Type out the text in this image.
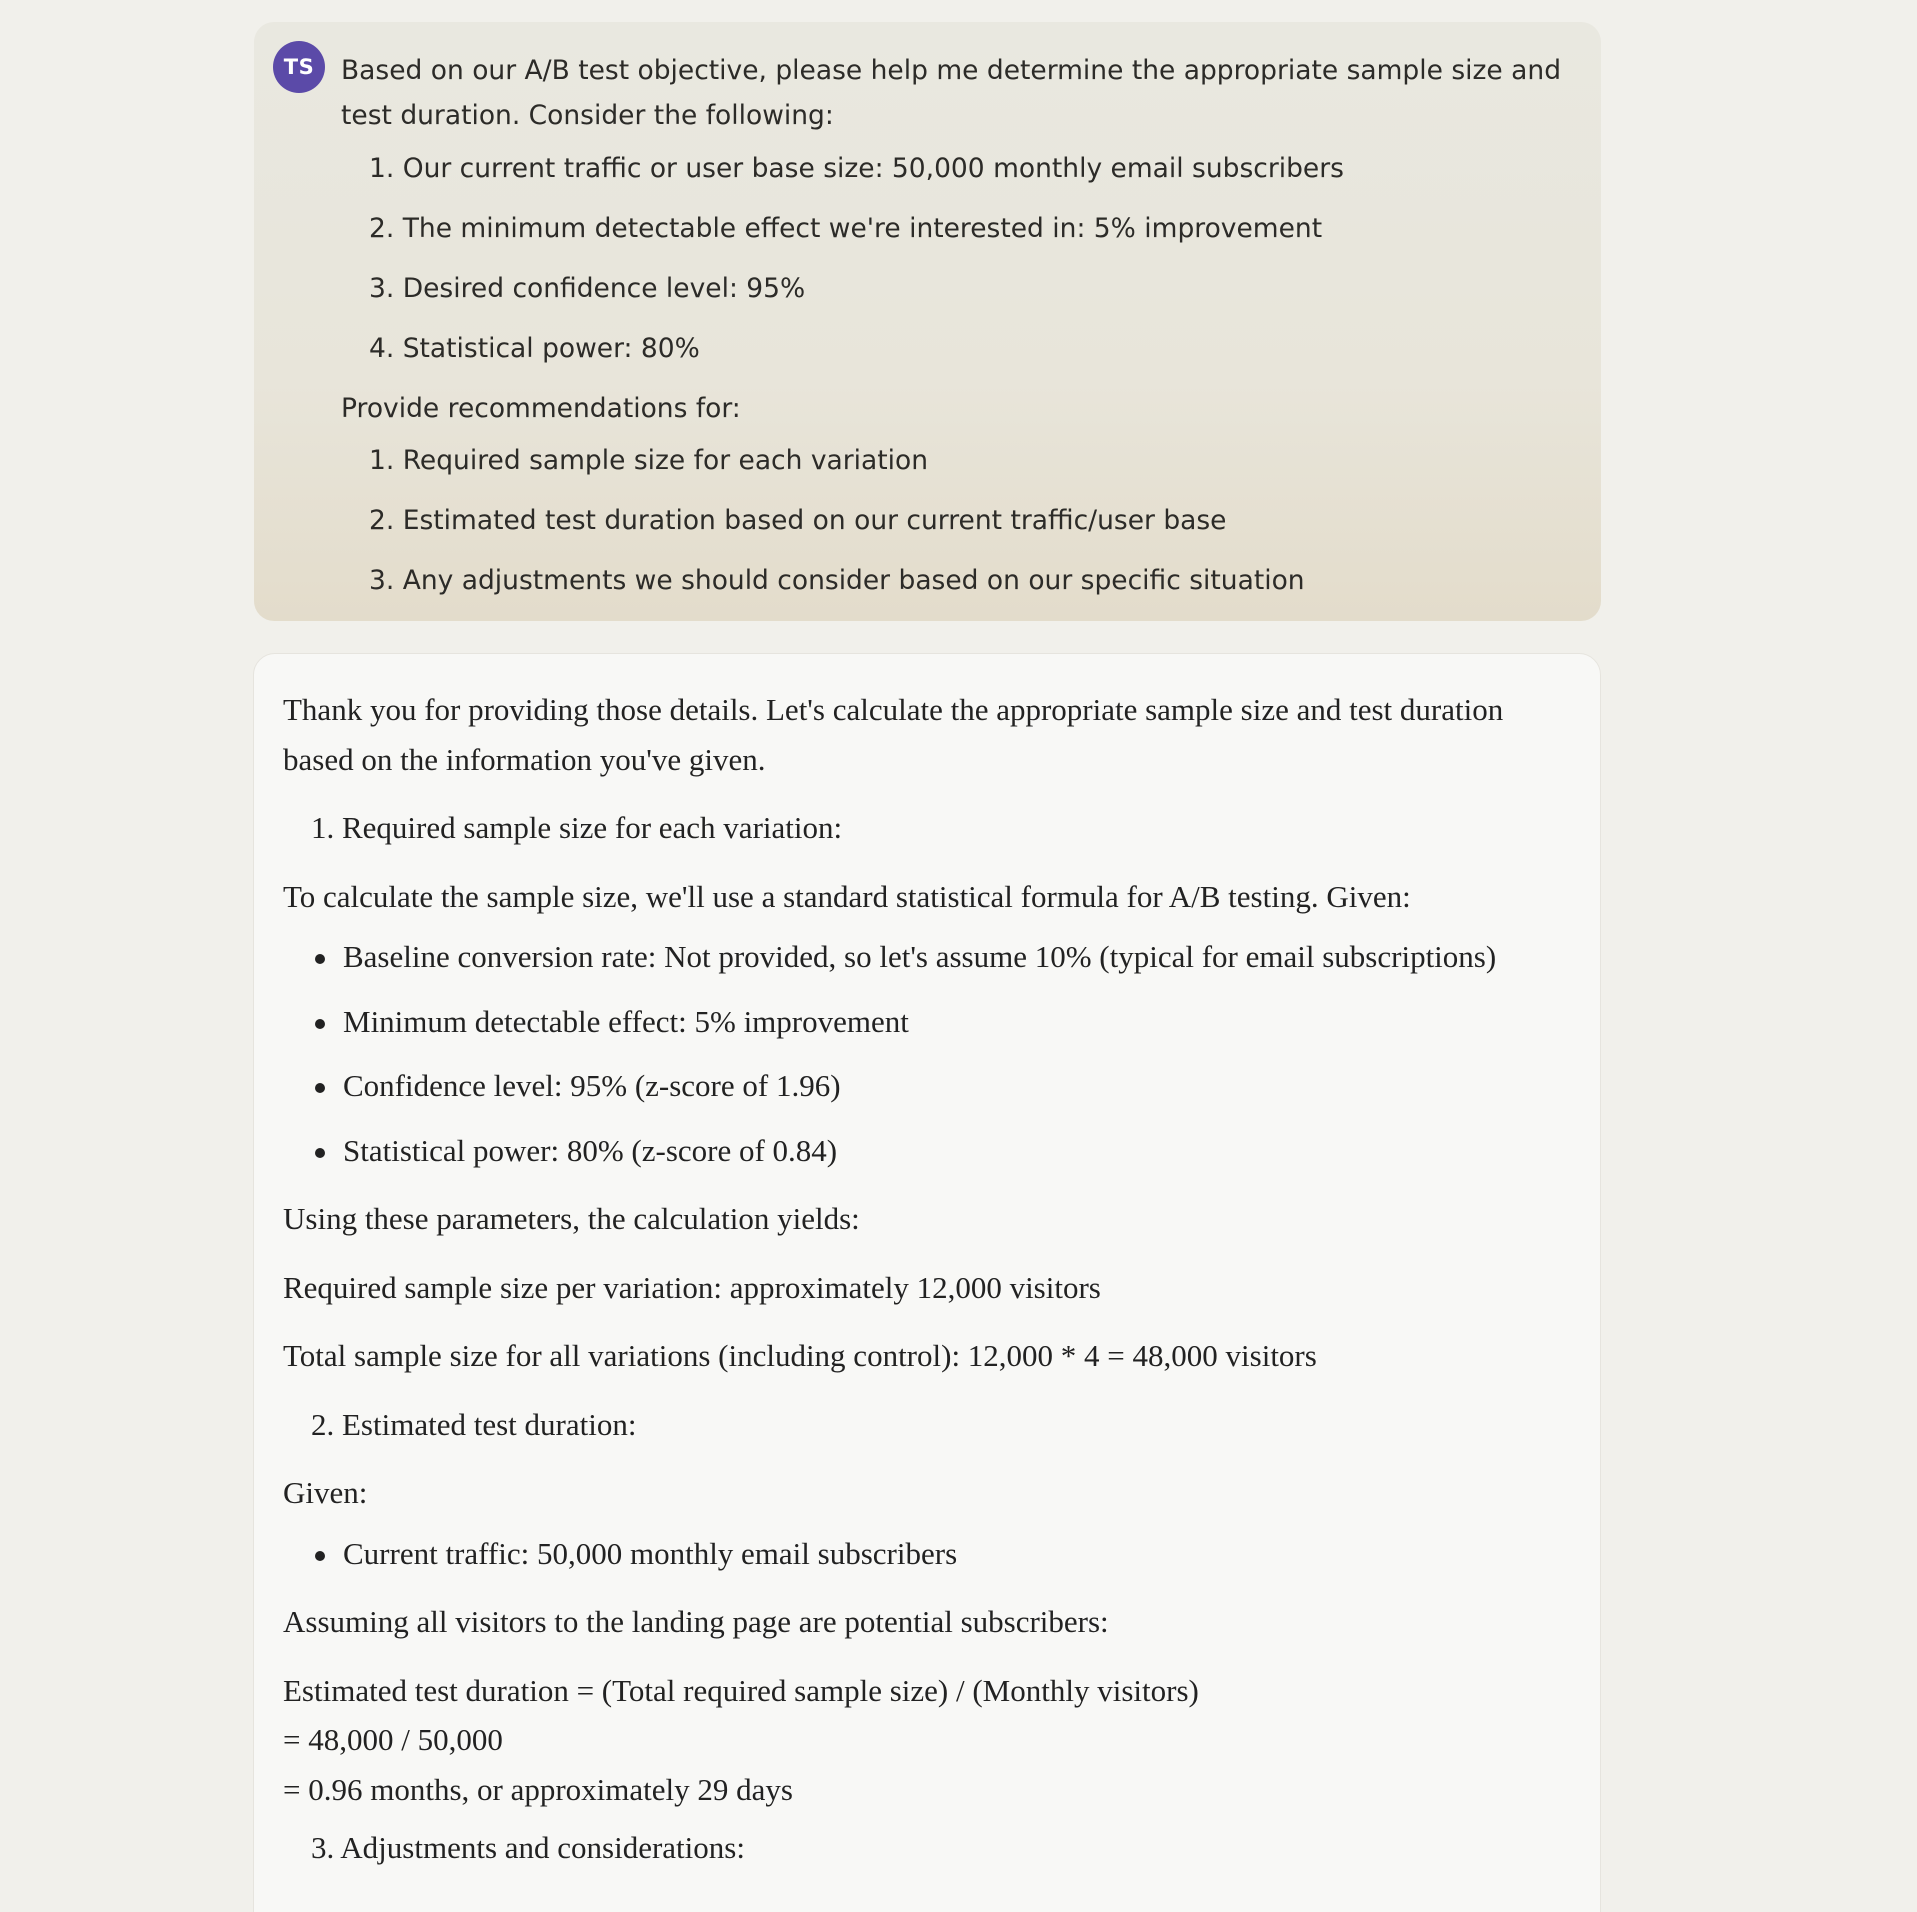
TS	Based on our A/B test objective, please help me determine the appropriate sample size and test duration. Consider the following:

1. Our current traffic or user base size: 50,000 monthly email subscribers
2. The minimum detectable effect we're interested in: 5% improvement
3. Desired confidence level: 95%
4. Statistical power: 80%

Provide recommendations for:

1. Required sample size for each variation
2. Estimated test duration based on our current traffic/user base
3. Any adjustments we should consider based on our specific situation

Thank you for providing those details. Let's calculate the appropriate sample size and test duration based on the information you've given.

1. Required sample size for each variation:

To calculate the sample size, we'll use a standard statistical formula for A/B testing. Given:

Baseline conversion rate: Not provided, so let's assume 10% (typical for email subscriptions)
Minimum detectable effect: 5% improvement
Confidence level: 95% (z-score of 1.96)
Statistical power: 80% (z-score of 0.84)

Using these parameters, the calculation yields:

Required sample size per variation: approximately 12,000 visitors

Total sample size for all variations (including control): 12,000 * 4 = 48,000 visitors

2. Estimated test duration:

Given:

Current traffic: 50,000 monthly email subscribers

Assuming all visitors to the landing page are potential subscribers:

Estimated test duration = (Total required sample size) / (Monthly visitors)
= 48,000 / 50,000
= 0.96 months, or approximately 29 days

3. Adjustments and considerations:
